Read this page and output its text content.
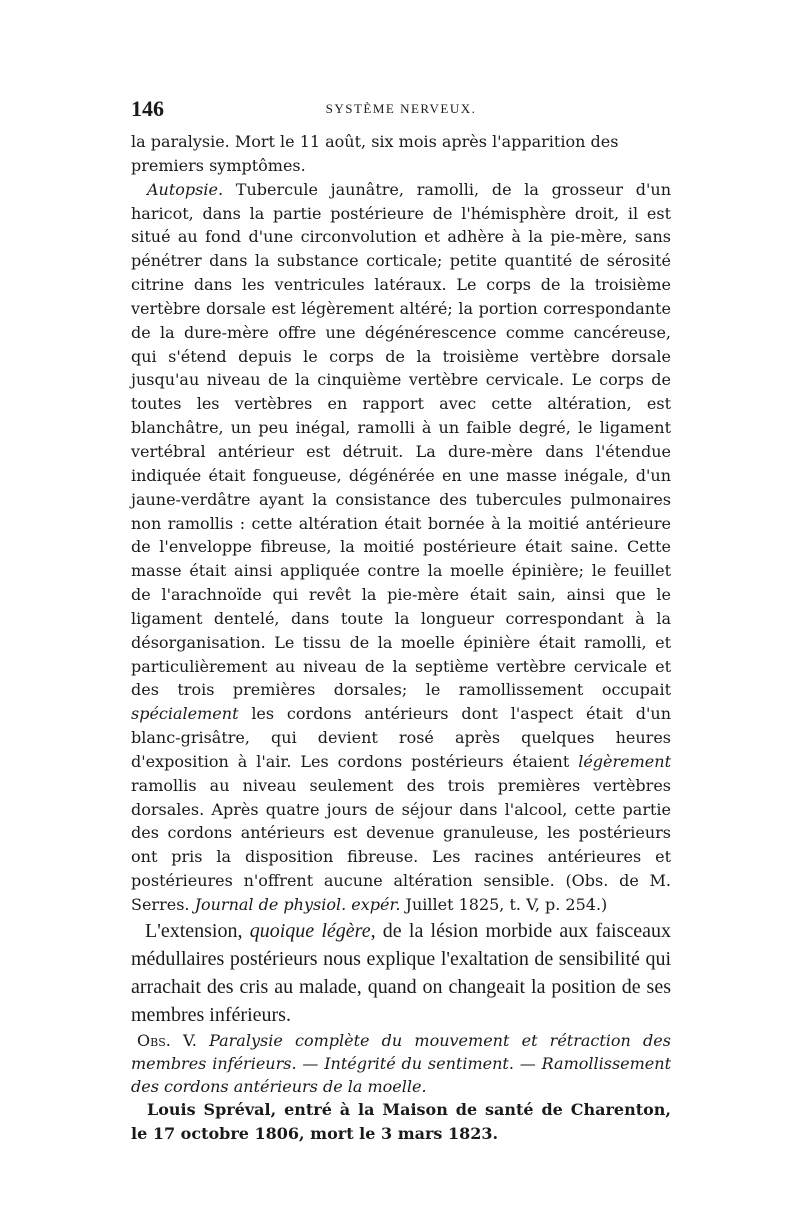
146	SYSTÈME NERVEUX.

la paralysie. Mort le 11 août, six mois après l'apparition des premiers symptômes.

Autopsie. Tubercule jaunâtre, ramolli, de la grosseur d'un haricot, dans la partie postérieure de l'hémisphère droit, il est situé au fond d'une circonvolution et adhère à la pie-mère, sans pénétrer dans la substance corticale; petite quantité de sérosité citrine dans les ventricules latéraux. Le corps de la troisième vertèbre dorsale est légèrement altéré; la portion correspondante de la dure-mère offre une dégénérescence comme cancéreuse, qui s'étend depuis le corps de la troisième vertèbre dorsale jusqu'au niveau de la cinquième vertèbre cervicale. Le corps de toutes les vertèbres en rapport avec cette altération, est blanchâtre, un peu inégal, ramolli à un faible degré, le ligament vertébral antérieur est détruit. La dure-mère dans l'étendue indiquée était fongueuse, dégénérée en une masse inégale, d'un jaune-verdâtre ayant la consistance des tubercules pulmonaires non ramollis : cette altération était bornée à la moitié antérieure de l'enveloppe fibreuse, la moitié postérieure était saine. Cette masse était ainsi appliquée contre la moelle épinière; le feuillet de l'arachnoïde qui revêt la pie-mère était sain, ainsi que le ligament dentelé, dans toute la longueur correspondant à la désorganisation. Le tissu de la moelle épinière était ramolli, et particulièrement au niveau de la septième vertèbre cervicale et des trois premières dorsales; le ramollissement occupait spécialement les cordons antérieurs dont l'aspect était d'un blanc-grisâtre, qui devient rosé après quelques heures d'exposition à l'air. Les cordons postérieurs étaient légèrement ramollis au niveau seulement des trois premières vertèbres dorsales. Après quatre jours de séjour dans l'alcool, cette partie des cordons antérieurs est devenue granuleuse, les postérieurs ont pris la disposition fibreuse. Les racines antérieures et postérieures n'offrent aucune altération sensible. (Obs. de M. Serres. Journal de physiol. expér. Juillet 1825, t. V, p. 254.)

L'extension, quoique légère, de la lésion morbide aux faisceaux médullaires postérieurs nous explique l'exaltation de sensibilité qui arrachait des cris au malade, quand on changeait la position de ses membres inférieurs.

Obs. V. Paralysie complète du mouvement et rétraction des membres inférieurs. — Intégrité du sentiment. — Ramollissement des cordons antérieurs de la moelle.

Louis Spréval, entré à la Maison de santé de Charenton, le 17 octobre 1806, mort le 3 mars 1823.
